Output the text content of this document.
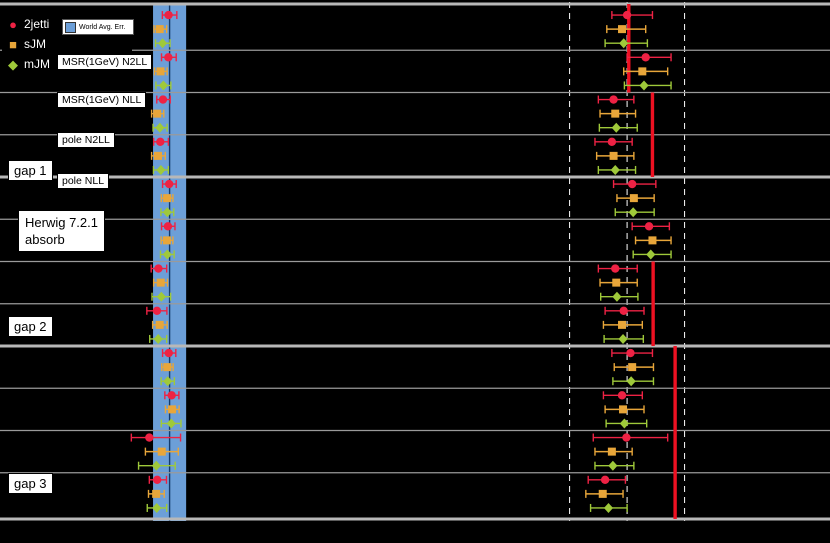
● 2jetti
■ sJM
◆ mJM
World Avg. Err.
MSR(1GeV) N2LL
MSR(1GeV) NLL
pole N2LL
pole NLL
gap 1
gap 2
gap 3
Herwig 7.2.1
absorb
